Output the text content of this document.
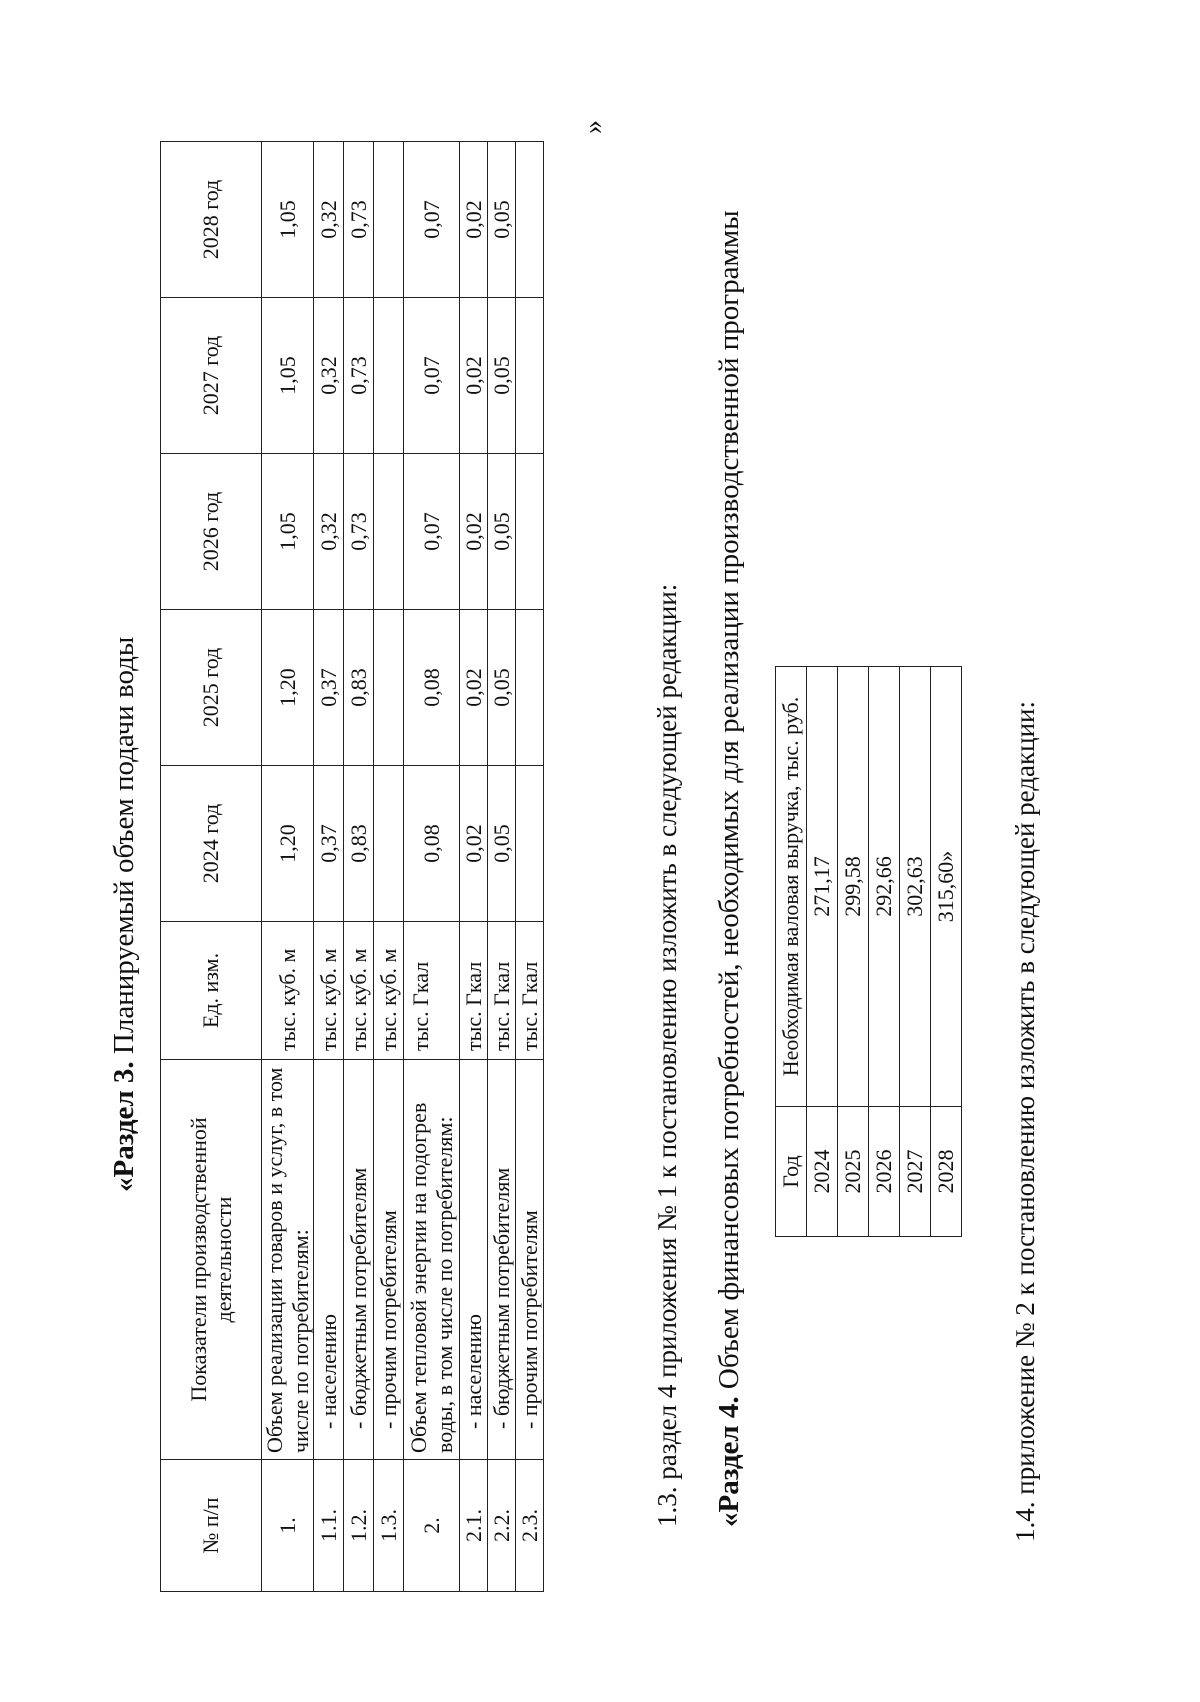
«Раздел 3. Планируемый объем подачи воды
№ п/п	Показатели производственной деятельности	Ед. изм.	2024 год	2025 год	2026 год	2027 год	2028 год
1.	Объем реализации товаров и услуг, в том числе по потребителям:	тыс. куб. м	1,20	1,20	1,05	1,05	1,05
1.1.	- населению	тыс. куб. м	0,37	0,37	0,32	0,32	0,32
1.2.	- бюджетным потребителям	тыс. куб. м	0,83	0,83	0,73	0,73	0,73
1.3.	- прочим потребителям	тыс. куб. м					
2.	Объем тепловой энергии на подогрев воды, в том числе по потребителям:	тыс. Гкал	0,08	0,08	0,07	0,07	0,07
2.1.	- населению	тыс. Гкал	0,02	0,02	0,02	0,02	0,02
2.2.	- бюджетным потребителям	тыс. Гкал	0,05	0,05	0,05	0,05	0,05
2.3.	- прочим потребителям	тыс. Гкал					
»
1.3. раздел 4 приложения № 1 к постановлению изложить в следующей редакции: «Раздел 4. Объем финансовых потребностей, необходимых для реализации производственной программы Год	Необходимая валовая выручка, тыс. руб.
2024	271,17
2025	299,58
2026	292,66
2027	302,63
2028	315,60» 1.4. приложение № 2 к постановлению изложить в следующей редакции:
